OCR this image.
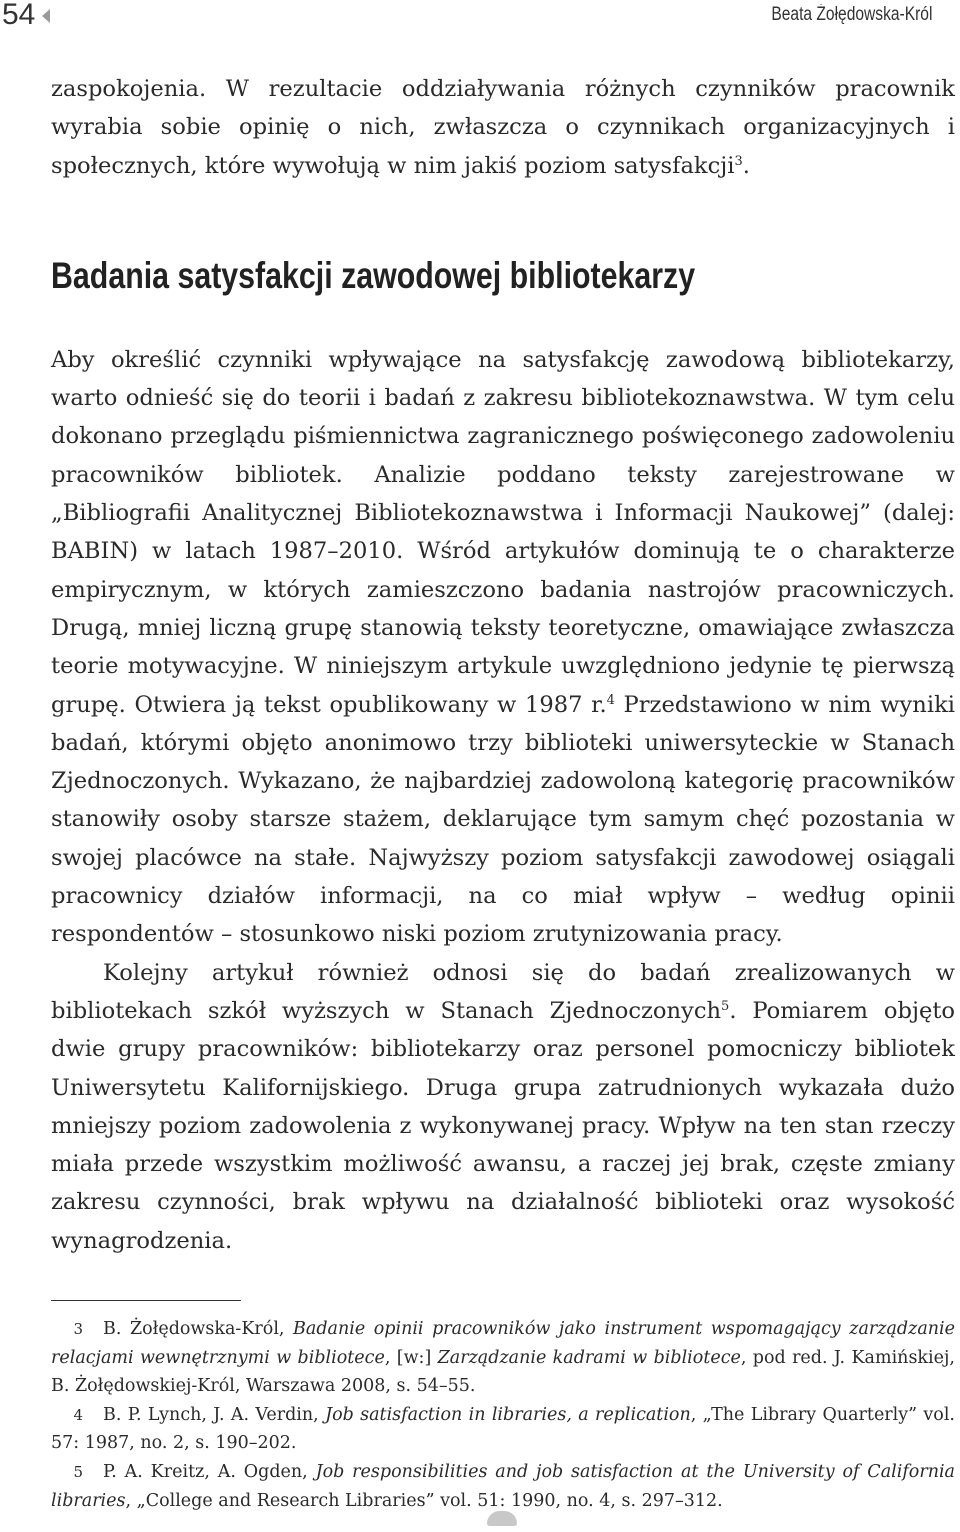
54	Beata Żołędowska-Król

zaspokojenia. W rezultacie oddziaływania różnych czynników pracownik wyrabia sobie opinię o nich, zwłaszcza o czynnikach organizacyjnych i społecznych, które wywołują w nim jakiś poziom satysfakcji$^3$.

Badania satysfakcji zawodowej bibliotekarzy

Aby określić czynniki wpływające na satysfakcję zawodową bibliotekarzy, warto odnieść się do teorii i badań z zakresu bibliotekoznawstwa. W tym celu dokonano przeglądu piśmiennictwa zagranicznego poświęconego zadowoleniu pracowników bibliotek. Analizie poddano teksty zarejestrowane w „Bibliografii Analitycznej Bibliotekoznawstwa i Informacji Naukowej” (dalej: BABIN) w latach 1987–2010. Wśród artykułów dominują te o charakterze empirycznym, w których zamieszczono badania nastrojów pracowniczych. Drugą, mniej liczną grupę stanowią teksty teoretyczne, omawiające zwłaszcza teorie motywacyjne. W niniejszym artykule uwzględniono jedynie tę pierwszą grupę. Otwiera ją tekst opublikowany w 1987 r.$^4$ Przedstawiono w nim wyniki badań, którymi objęto anonimowo trzy biblioteki uniwersyteckie w Stanach Zjednoczonych. Wykazano, że najbardziej zadowoloną kategorię pracowników stanowiły osoby starsze stażem, deklarujące tym samym chęć pozostania w swojej placówce na stałe. Najwyższy poziom satysfakcji zawodowej osiągali pracownicy działów informacji, na co miał wpływ – według opinii respondentów – stosunkowo niski poziom zrutynizowania pracy.

Kolejny artykuł również odnosi się do badań zrealizowanych w bibliotekach szkół wyższych w Stanach Zjednoczonych$^5$. Pomiarem objęto dwie grupy pracowników: bibliotekarzy oraz personel pomocniczy bibliotek Uniwersytetu Kalifornijskiego. Druga grupa zatrudnionych wykazała dużo mniejszy poziom zadowolenia z wykonywanej pracy. Wpływ na ten stan rzeczy miała przede wszystkim możliwość awansu, a raczej jej brak, częste zmiany zakresu czynności, brak wpływu na działalność biblioteki oraz wysokość wynagrodzenia.

3 B. Żołędowska-Król, Badanie opinii pracowników jako instrument wspomagający zarządzanie relacjami wewnętrznymi w bibliotece, [w:] Zarządzanie kadrami w bibliotece, pod red. J. Kamińskiej, B. Żołędowskiej-Król, Warszawa 2008, s. 54–55.

4 B. P. Lynch, J. A. Verdin, Job satisfaction in libraries, a replication, „The Library Quarterly” vol. 57: 1987, no. 2, s. 190–202.

5 P. A. Kreitz, A. Ogden, Job responsibilities and job satisfaction at the University of California libraries, „College and Research Libraries” vol. 51: 1990, no. 4, s. 297–312.
